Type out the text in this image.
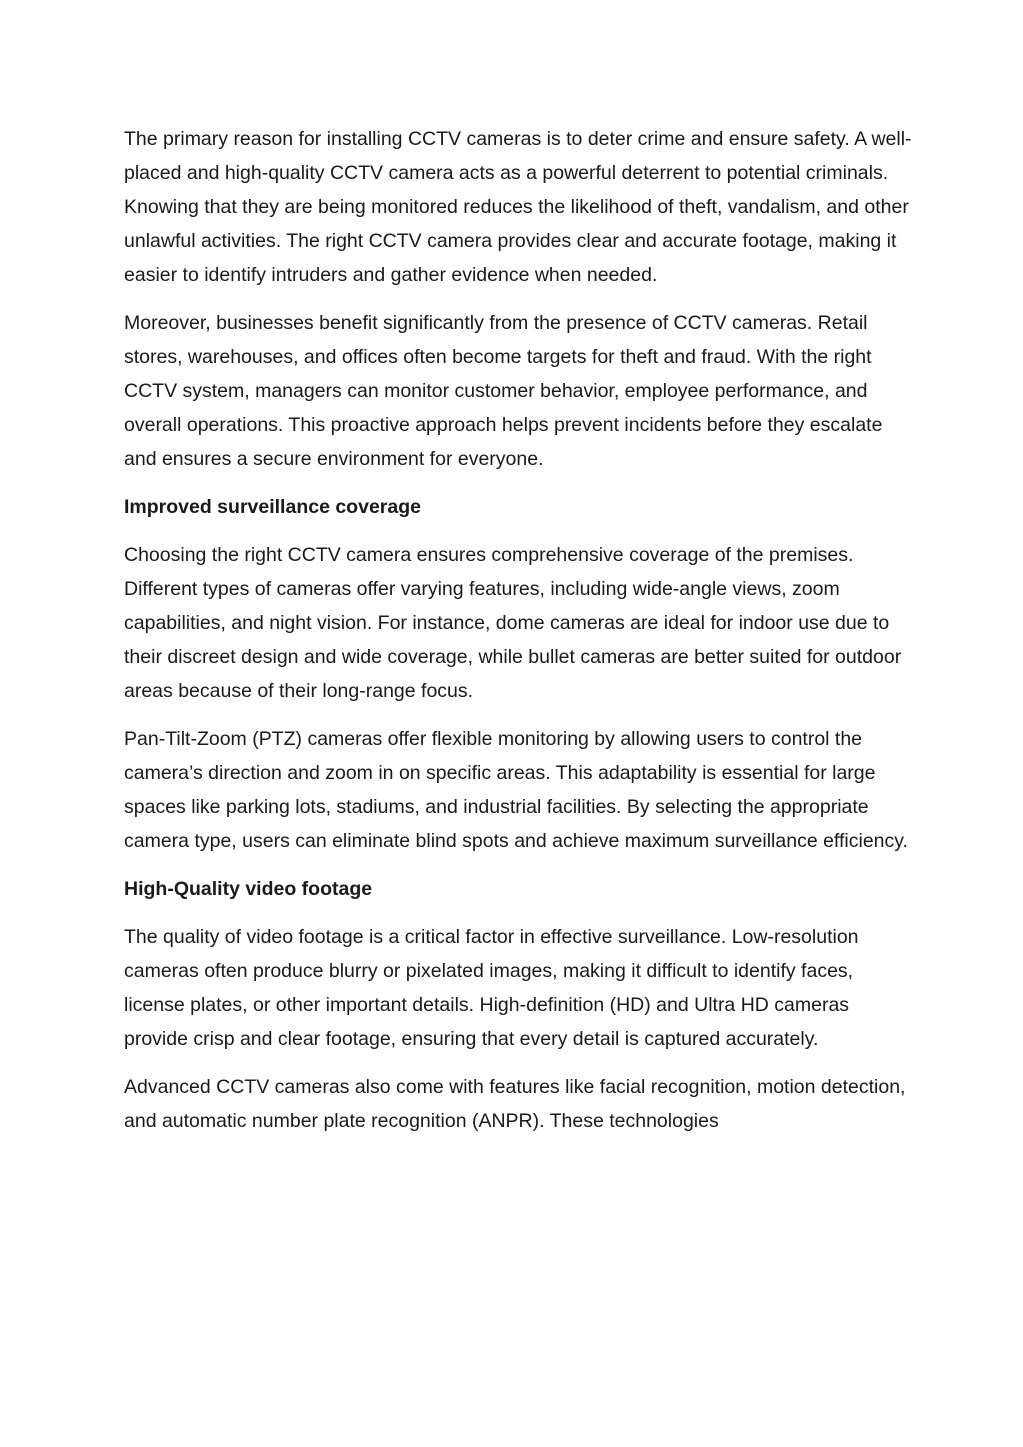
The primary reason for installing CCTV cameras is to deter crime and ensure safety. A well-placed and high-quality CCTV camera acts as a powerful deterrent to potential criminals. Knowing that they are being monitored reduces the likelihood of theft, vandalism, and other unlawful activities. The right CCTV camera provides clear and accurate footage, making it easier to identify intruders and gather evidence when needed.

Moreover, businesses benefit significantly from the presence of CCTV cameras. Retail stores, warehouses, and offices often become targets for theft and fraud. With the right CCTV system, managers can monitor customer behavior, employee performance, and overall operations. This proactive approach helps prevent incidents before they escalate and ensures a secure environment for everyone.

Improved surveillance coverage

Choosing the right CCTV camera ensures comprehensive coverage of the premises. Different types of cameras offer varying features, including wide-angle views, zoom capabilities, and night vision. For instance, dome cameras are ideal for indoor use due to their discreet design and wide coverage, while bullet cameras are better suited for outdoor areas because of their long-range focus.

Pan-Tilt-Zoom (PTZ) cameras offer flexible monitoring by allowing users to control the camera’s direction and zoom in on specific areas. This adaptability is essential for large spaces like parking lots, stadiums, and industrial facilities. By selecting the appropriate camera type, users can eliminate blind spots and achieve maximum surveillance efficiency.

High-Quality video footage

The quality of video footage is a critical factor in effective surveillance. Low-resolution cameras often produce blurry or pixelated images, making it difficult to identify faces, license plates, or other important details. High-definition (HD) and Ultra HD cameras provide crisp and clear footage, ensuring that every detail is captured accurately.

Advanced CCTV cameras also come with features like facial recognition, motion detection, and automatic number plate recognition (ANPR). These technologies
